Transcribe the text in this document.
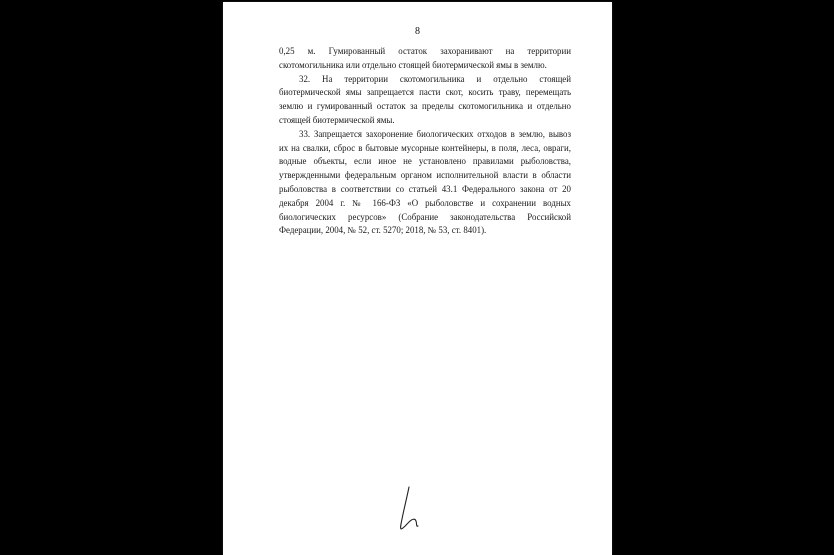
8

0,25 м. Гумированный остаток захоранивают на территории скотомогильника или отдельно стоящей биотермической ямы в землю.

32. На территории скотомогильника и отдельно стоящей биотермической ямы запрещается пасти скот, косить траву, перемещать землю и гумированный остаток за пределы скотомогильника и отдельно стоящей биотермической ямы.

33. Запрещается захоронение биологических отходов в землю, вывоз их на свалки, сброс в бытовые мусорные контейнеры, в поля, леса, овраги, водные объекты, если иное не установлено правилами рыболовства, утвержденными федеральным органом исполнительной власти в области рыболовства в соответствии со статьей 43.1 Федерального закона от 20 декабря 2004 г. № 166-ФЗ «О рыболовстве и сохранении водных биологических ресурсов» (Собрание законодательства Российской Федерации, 2004, № 52, ст. 5270; 2018, № 53, ст. 8401).
